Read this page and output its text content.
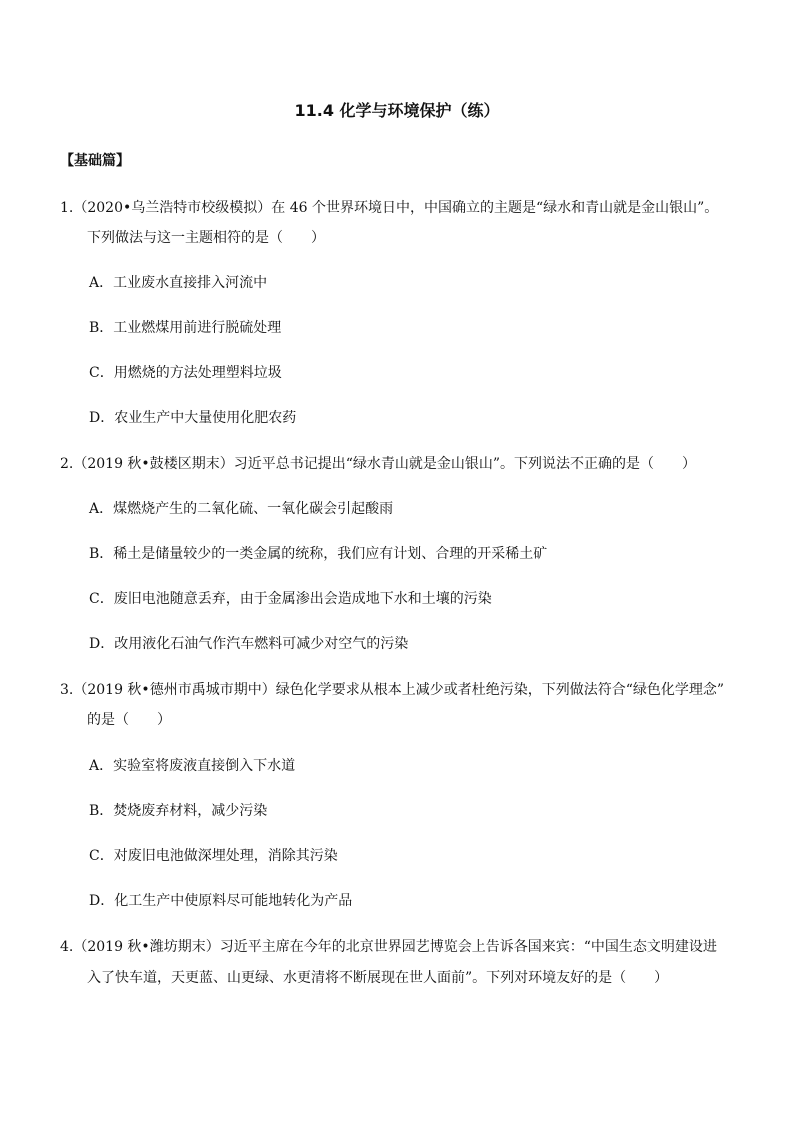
11.4 化学与环境保护（练）
【基础篇】
1.（2020•乌兰浩特市校级模拟）在 46 个世界环境日中，中国确立的主题是“绿水和青山就是金山银山”。
下列做法与这一主题相符的是（　　）
A．工业废水直接排入河流中
B．工业燃煤用前进行脱硫处理
C．用燃烧的方法处理塑料垃圾
D．农业生产中大量使用化肥农药
2.（2019 秋•鼓楼区期末）习近平总书记提出“绿水青山就是金山银山”。下列说法不正确的是（　　）
A．煤燃烧产生的二氧化硫、一氧化碳会引起酸雨
B．稀土是储量较少的一类金属的统称，我们应有计划、合理的开采稀土矿
C．废旧电池随意丢弃，由于金属渗出会造成地下水和土壤的污染
D．改用液化石油气作汽车燃料可减少对空气的污染
3.（2019 秋•德州市禹城市期中）绿色化学要求从根本上减少或者杜绝污染，下列做法符合“绿色化学理念”
的是（　　）
A．实验室将废液直接倒入下水道
B．焚烧废弃材料，减少污染
C．对废旧电池做深埋处理，消除其污染
D．化工生产中使原料尽可能地转化为产品
4.（2019 秋•潍坊期末）习近平主席在今年的北京世界园艺博览会上告诉各国来宾：“中国生态文明建设进
入了快车道，天更蓝、山更绿、水更清将不断展现在世人面前”。下列对环境友好的是（　　）
